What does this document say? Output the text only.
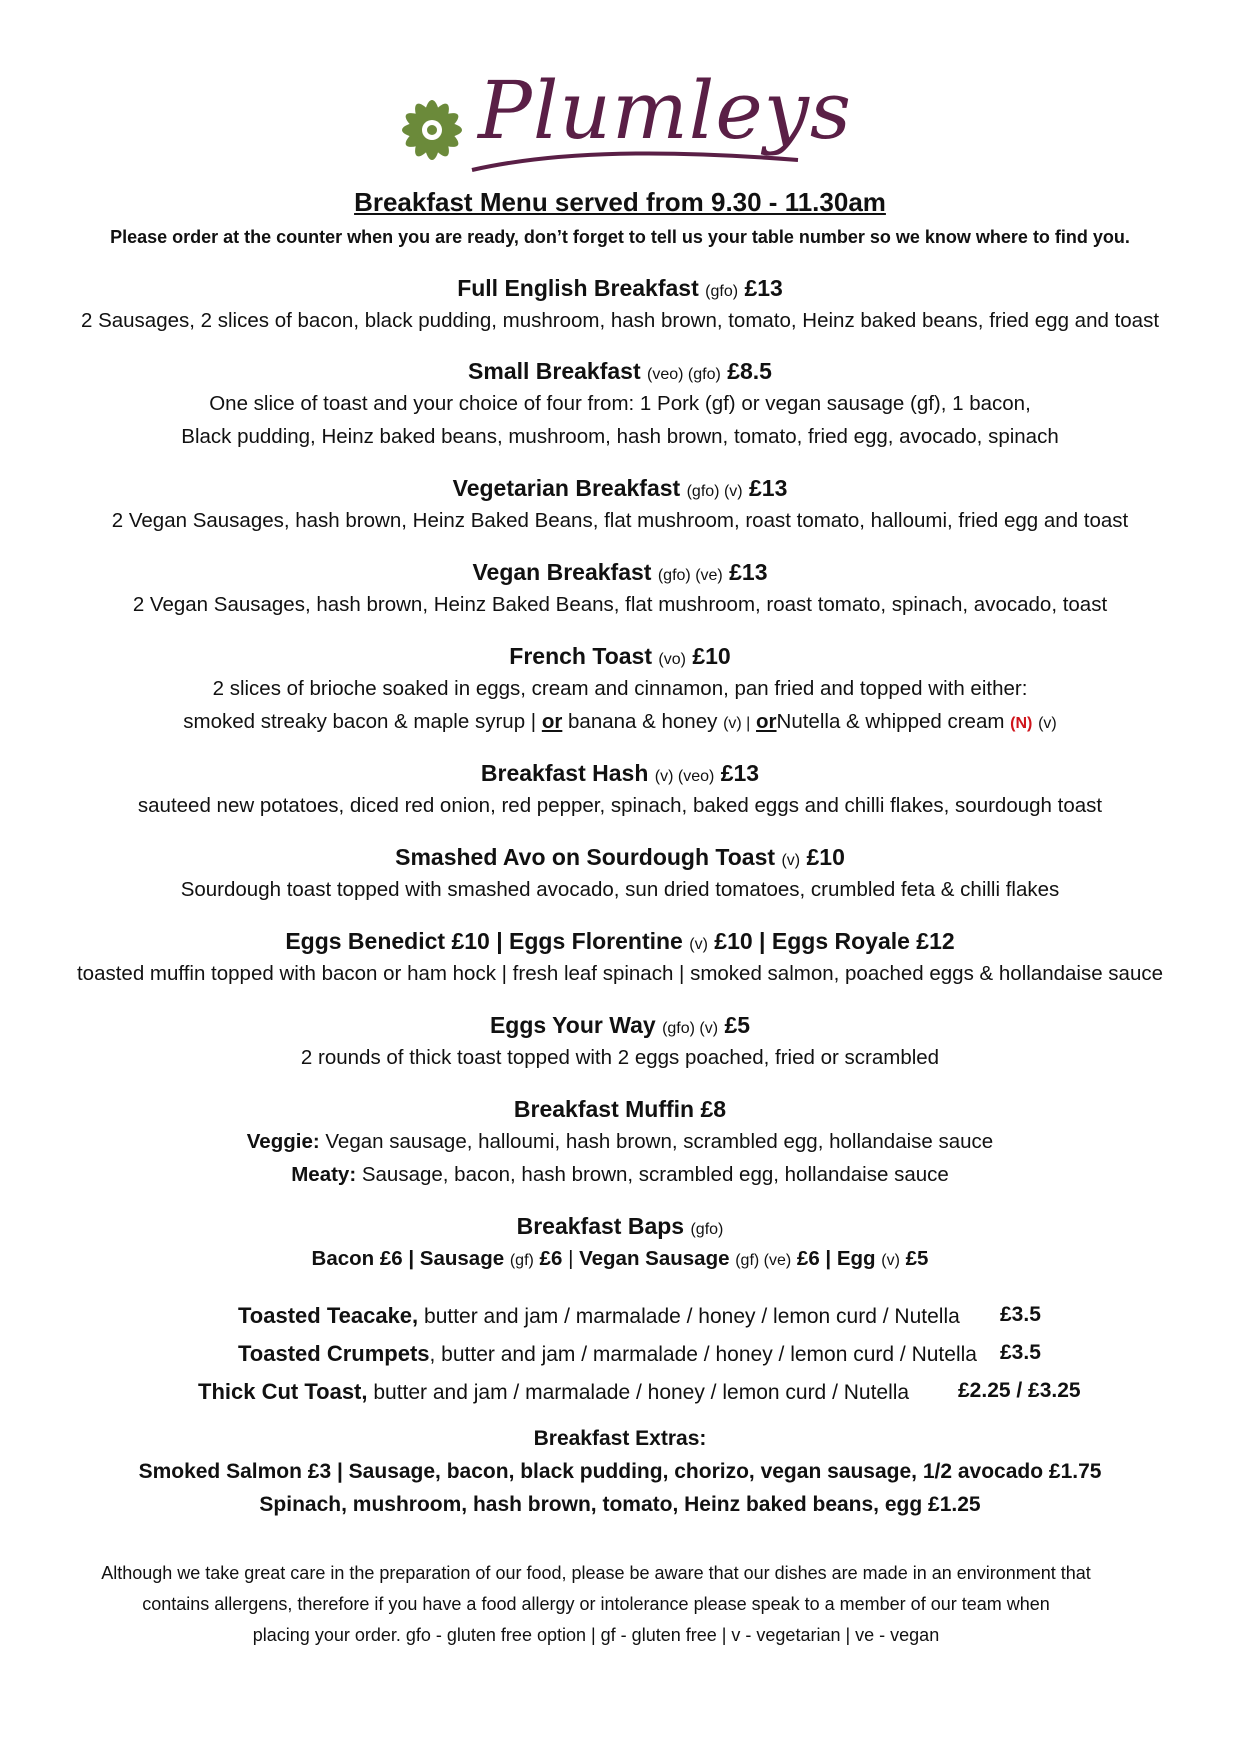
Plumleys
Breakfast Menu served from 9.30 - 11.30am
Please order at the counter when you are ready, don’t forget to tell us your table number so we know where to find you.
Full English Breakfast (gfo) £13
2 Sausages, 2 slices of bacon, black pudding, mushroom, hash brown, tomato, Heinz baked beans, fried egg and toast
Small Breakfast (veo) (gfo) £8.5
One slice of toast and your choice of four from: 1 Pork (gf) or vegan sausage (gf), 1 bacon,
Black pudding, Heinz baked beans, mushroom, hash brown, tomato, fried egg, avocado, spinach
Vegetarian Breakfast (gfo) (v) £13
2 Vegan Sausages, hash brown, Heinz Baked Beans, flat mushroom, roast tomato, halloumi, fried egg and toast
Vegan Breakfast (gfo) (ve) £13
2 Vegan Sausages, hash brown, Heinz Baked Beans, flat mushroom, roast tomato, spinach, avocado, toast
French Toast (vo) £10
2 slices of brioche soaked in eggs, cream and cinnamon, pan fried and topped with either:
smoked streaky bacon & maple syrup | or banana & honey (v) | orNutella & whipped cream (N) (v)
Breakfast Hash (v) (veo) £13
sauteed new potatoes, diced red onion, red pepper, spinach, baked eggs and chilli flakes, sourdough toast
Smashed Avo on Sourdough Toast (v) £10
Sourdough toast topped with smashed avocado, sun dried tomatoes, crumbled feta & chilli flakes
Eggs Benedict £10 | Eggs Florentine (v) £10 | Eggs Royale £12
toasted muffin topped with bacon or ham hock | fresh leaf spinach | smoked salmon, poached eggs & hollandaise sauce
Eggs Your Way (gfo) (v) £5
2 rounds of thick toast topped with 2 eggs poached, fried or scrambled
Breakfast Muffin £8
Veggie: Vegan sausage, halloumi, hash brown, scrambled egg, hollandaise sauce
Meaty: Sausage, bacon, hash brown, scrambled egg, hollandaise sauce
Breakfast Baps (gfo)
Bacon £6 | Sausage (gf) £6 | Vegan Sausage (gf) (ve) £6 | Egg (v) £5
Toasted Teacake, butter and jam / marmalade / honey / lemon curd / Nutella £3.5
Toasted Crumpets, butter and jam / marmalade / honey / lemon curd / Nutella £3.5
Thick Cut Toast, butter and jam / marmalade / honey / lemon curd / Nutella £2.25 / £3.25
Breakfast Extras:
Smoked Salmon £3 | Sausage, bacon, black pudding, chorizo, vegan sausage, 1/2 avocado £1.75
Spinach, mushroom, hash brown, tomato, Heinz baked beans, egg £1.25
Although we take great care in the preparation of our food, please be aware that our dishes are made in an environment that
contains allergens, therefore if you have a food allergy or intolerance please speak to a member of our team when
placing your order. gfo - gluten free option | gf - gluten free | v - vegetarian | ve - vegan
